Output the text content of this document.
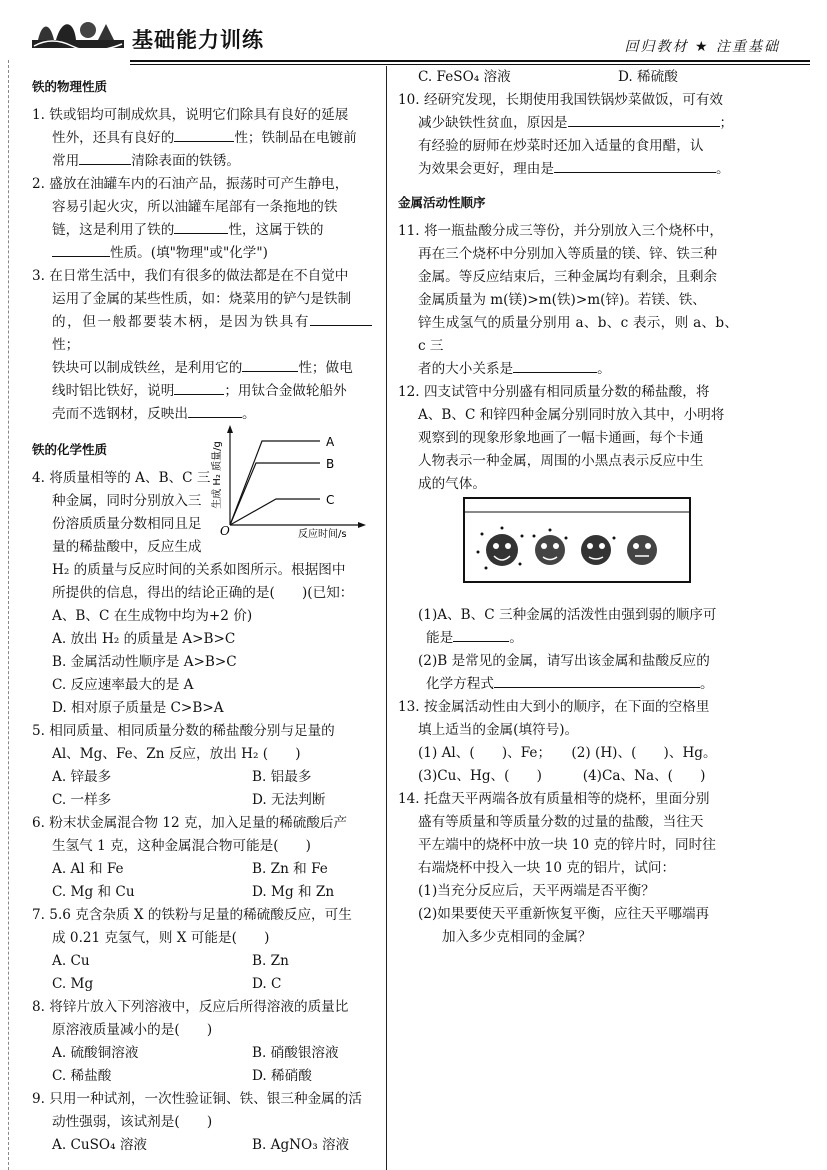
基础能力训练	回归教材 ★ 注重基础
铁的物理性质

1. 铁或铝均可制成炊具，说明它们除具有良好的延展

性外，还具有良好的	性；铁制品在电镀前

常用	清除表面的铁锈。

2. 盛放在油罐车内的石油产品，振荡时可产生静电，

容易引起火灾，所以油罐车尾部有一条拖地的铁

链，这是利用了铁的	性，这属于铁的

性质。(填"物理"或"化学")

3. 在日常生活中，我们有很多的做法都是在不自觉中

运用了金属的某些性质，如：烧菜用的铲勺是铁制

的，但一般都要装木柄，是因为铁具有性；

铁块可以制成铁丝，是利用它的	性；做电

线时铝比铁好，说明	；用钛合金做轮船外

壳而不选钢材，反映出	。

铁的化学性质

4. 将质量相等的 A、B、C 三

种金属，同时分别放入三

份溶质质量分数相同且足

量的稀盐酸中，反应生成

H₂ 的质量与反应时间的关系如图所示。根据图中

所提供的信息，得出的结论正确的是(　　)(已知：

A、B、C 在生成物中均为+2 价)

A. 放出 H₂ 的质量是 A>B>C

B. 金属活动性顺序是 A>B>C

C. 反应速率最大的是 A

D. 相对原子质量是 C>B>A

5. 相同质量、相同质量分数的稀盐酸分别与足量的

Al、Mg、Fe、Zn 反应，放出 H₂ (　　)

A. 锌最多	B. 铝最多
C. 一样多	D. 无法判断

6. 粉末状金属混合物 12 克，加入足量的稀硫酸后产

生氢气 1 克，这种金属混合物可能是(　　)

A. Al 和 Fe	B. Zn 和 Fe
C. Mg 和 Cu	D. Mg 和 Zn

7. 5.6 克含杂质 X 的铁粉与足量的稀硫酸反应，可生

成 0.21 克氢气，则 X 可能是(　　)

A. Cu	B. Zn
C. Mg	D. C

8. 将锌片放入下列溶液中，反应后所得溶液的质量比

原溶液质量减小的是(　　)

A. 硫酸铜溶液	B. 硝酸银溶液
C. 稀盐酸	D. 稀硝酸

9. 只用一种试剂，一次性验证铜、铁、银三种金属的活

动性强弱，该试剂是(　　)

A. CuSO₄ 溶液	B. AgNO₃ 溶液
O
生成 H₂ 质量/g
反应时间/s
A
B
C
C. FeSO₄ 溶液	D. 稀硫酸

10. 经研究发现，长期使用我国铁锅炒菜做饭，可有效

减少缺铁性贫血，原因是	；

有经验的厨师在炒菜时还加入适量的食用醋，认

为效果会更好，理由是	。

金属活动性顺序

11. 将一瓶盐酸分成三等份，并分别放入三个烧杯中，

再在三个烧杯中分别加入等质量的镁、锌、铁三种

金属。等反应结束后，三种金属均有剩余，且剩余

金属质量为 m(镁)>m(铁)>m(锌)。若镁、铁、

锌生成氢气的质量分别用 a、b、c 表示，则 a、b、c 三

者的大小关系是	。

12. 四支试管中分别盛有相同质量分数的稀盐酸，将

A、B、C 和锌四种金属分别同时放入其中，小明将

观察到的现象形象地画了一幅卡通画，每个卡通

人物表示一种金属，周围的小黑点表示反应中生

成的气体。

(1)A、B、C 三种金属的活泼性由强到弱的顺序可

能是	。

(2)B 是常见的金属，请写出该金属和盐酸反应的

化学方程式	。

13. 按金属活动性由大到小的顺序，在下面的空格里

填上适当的金属(填符号)。

(1) Al、(　　)、Fe；　　(2) (H)、(　　)、Hg。

(3)Cu、Hg、(　　)　　　(4)Ca、Na、(　　)

14. 托盘天平两端各放有质量相等的烧杯，里面分别

盛有等质量和等质量分数的过量的盐酸，当往天

平左端中的烧杯中放一块 10 克的锌片时，同时往

右端烧杯中投入一块 10 克的铝片，试问：

(1)当充分反应后，天平两端是否平衡？

(2)如果要使天平重新恢复平衡，应往天平哪端再

加入多少克相同的金属？
